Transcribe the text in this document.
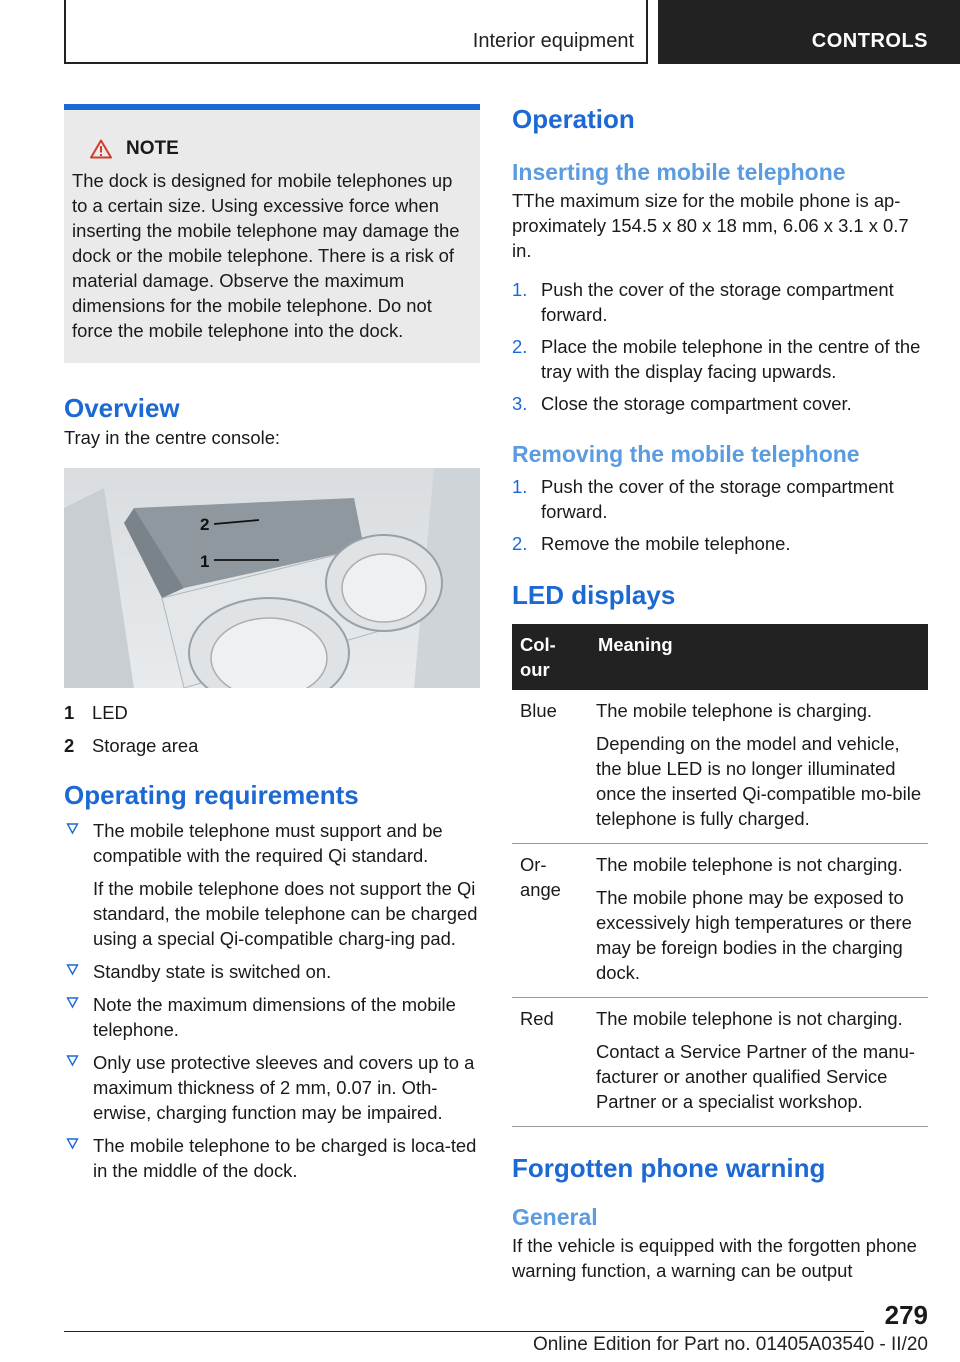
Interior equipment	CONTROLS
NOTE

The dock is designed for mobile telephones up to a certain size. Using excessive force when inserting the mobile telephone may damage the dock or the mobile telephone. There is a risk of material damage. Observe the maximum dimensions for the mobile telephone. Do not force the mobile telephone into the dock.

Overview

Tray in the centre console:

2
1
1 LED
2 Storage area
Operating requirements

The mobile telephone must support and be compatible with the required Qi standard.

If the mobile telephone does not support the Qi standard, the mobile telephone can be charged using a special Qi-compatible charg-ing pad.

Standby state is switched on.

Note the maximum dimensions of the mobile telephone.

Only use protective sleeves and covers up to a maximum thickness of 2 mm, 0.07 in. Oth-erwise, charging function may be impaired.

The mobile telephone to be charged is loca-ted in the middle of the dock.

Operation
Inserting the mobile telephone

TThe maximum size for the mobile phone is ap-proximately 154.5 x 80 x 18 mm, 6.06 x 3.1 x 0.7 in.

1. Push the cover of the storage compartment forward.
2. Place the mobile telephone in the centre of the tray with the display facing upwards.
3. Close the storage compartment cover.
Removing the mobile telephone
1. Push the cover of the storage compartment forward.
2. Remove the mobile telephone.
LED displays
Col-our	Meaning
Blue	The mobile telephone is charging.

Depending on the model and vehicle, the blue LED is no longer illuminated once the inserted Qi-compatible mo-bile telephone is fully charged.

Or-ange	The mobile telephone is not charging.

The mobile phone may be exposed to excessively high temperatures or there may be foreign bodies in the charging dock.

Red	The mobile telephone is not charging.

Contact a Service Partner of the manu-facturer or another qualified Service Partner or a specialist workshop.

Forgotten phone warning
General

If the vehicle is equipped with the forgotten phone warning function, a warning can be output

279
Online Edition for Part no. 01405A03540 - II/20
